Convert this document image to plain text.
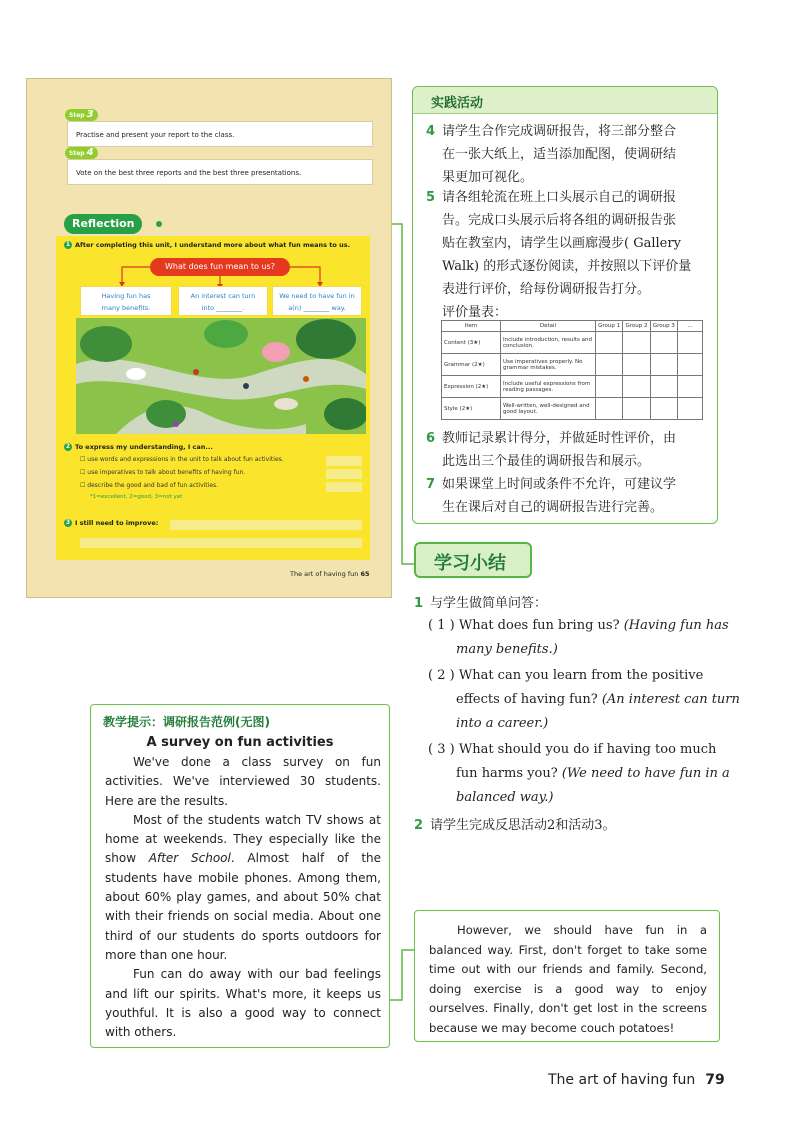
Step 3
Practise and present your report to the class.
Step 4
Vote on the best three reports and the best three presentations.
Reflection
1 After completing this unit, I understand more about what fun means to us.
What does fun mean to us?
Having fun has
many benefits.
An interest can turn
into ________.
We need to have fun in
a(n) ________ way.
2 To express my understanding, I can...
☐ use words and expressions in the unit to talk about fun activities.
☐ use imperatives to talk about benefits of having fun.
☐ describe the good and bad of fun activities.
*1=excellent, 2=good, 3=not yet
3 I still need to improve:
The art of having fun 65
实践活动
4 请学生合作完成调研报告，将三部分整合
在一张大纸上，适当添加配图，使调研结
果更加可视化。
5 请各组轮流在班上口头展示自己的调研报
告。完成口头展示后将各组的调研报告张
贴在教室内，请学生以画廊漫步( Gallery
Walk) 的形式逐份阅读，并按照以下评价量
表进行评价，给每份调研报告打分。
评价量表：
Item	Detail	Group 1	Group 2	Group 3	...
Content (3★)	Include introduction, results and conclusion.				
Grammar (2★)	Use imperatives properly. No grammar mistakes.				
Expression (2★)	Include useful expressions from reading passages.				
Style (2★)	Well-written, well-designed and good layout.				
6 教师记录累计得分，并做延时性评价，由
此选出三个最佳的调研报告和展示。
7 如果课堂上时间或条件不允许，可建议学
生在课后对自己的调研报告进行完善。
学习小结
1 与学生做简单问答：
( 1 ) What does fun bring us? (Having fun has
many benefits.)
( 2 ) What can you learn from the positive
effects of having fun? (An interest can turn
into a career.)
( 3 ) What should you do if having too much
fun harms you? (We need to have fun in a
balanced way.)
2 请学生完成反思活动2和活动3。
教学提示：调研报告范例(无图)
A survey on fun activities

We've done a class survey on fun activities. We've interviewed 30 students. Here are the results.

Most of the students watch TV shows at home at weekends. They especially like the show After School. Almost half of the students have mobile phones. Among them, about 60% play games, and about 50% chat with their friends on social media. About one third of our students do sports outdoors for more than one hour.

Fun can do away with our bad feelings and lift our spirits. What's more, it keeps us youthful. It is also a good way to connect with others.

However, we should have fun in a balanced way. First, don't forget to take some time out with our friends and family. Second, doing exercise is a good way to enjoy ourselves. Finally, don't get lost in the screens because we may become couch potatoes!
The art of having fun 79
